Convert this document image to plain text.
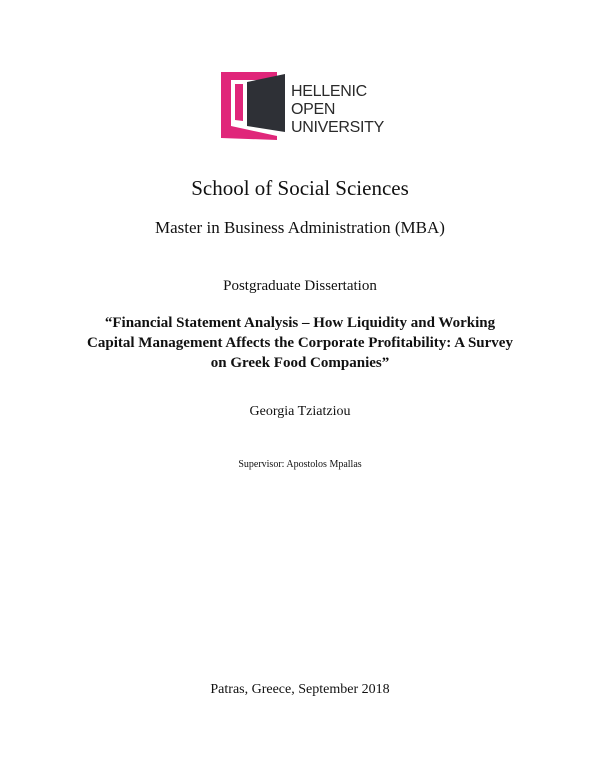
HELLENIC
OPEN
UNIVERSITY
School of Social Sciences
Master in Business Administration (MBA)
Postgraduate Dissertation
“Financial Statement Analysis – How Liquidity and Working Capital Management Affects the Corporate Profitability: A Survey on Greek Food Companies”
Georgia Tziatziou
Supervisor: Apostolos Mpallas
Patras, Greece, September 2018
